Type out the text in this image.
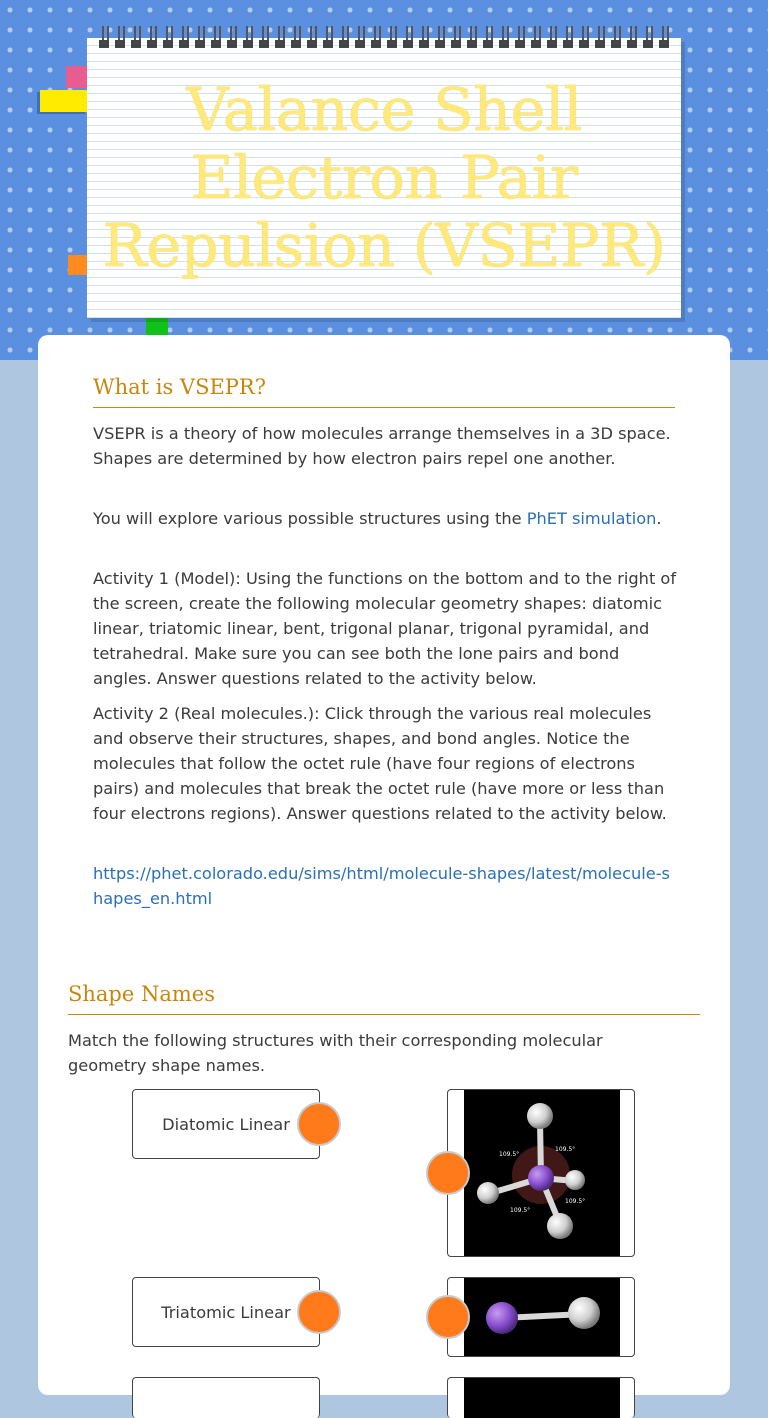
Valance Shell Electron Pair Repulsion (VSEPR)
What is VSEPR?

VSEPR is a theory of how molecules arrange themselves in a 3D space. Shapes are determined by how electron pairs repel one another.

You will explore various possible structures using the PhET simulation.

Activity 1 (Model): Using the functions on the bottom and to the right of the screen, create the following molecular geometry shapes: diatomic linear, triatomic linear, bent, trigonal planar, trigonal pyramidal, and tetrahedral. Make sure you can see both the lone pairs and bond angles. Answer questions related to the activity below.

Activity 2 (Real molecules.): Click through the various real molecules and observe their structures, shapes, and bond angles. Notice the molecules that follow the octet rule (have four regions of electrons pairs) and molecules that break the octet rule (have more or less than four electrons regions). Answer questions related to the activity below.

https://phet.colorado.edu/sims/html/molecule-shapes/latest/molecule-shapes_en.html

Shape Names

Match the following structures with their corresponding molecular geometry shape names.

Diatomic Linear
Triatomic Linear
109.5°
109.5°
109.5°
109.5°
